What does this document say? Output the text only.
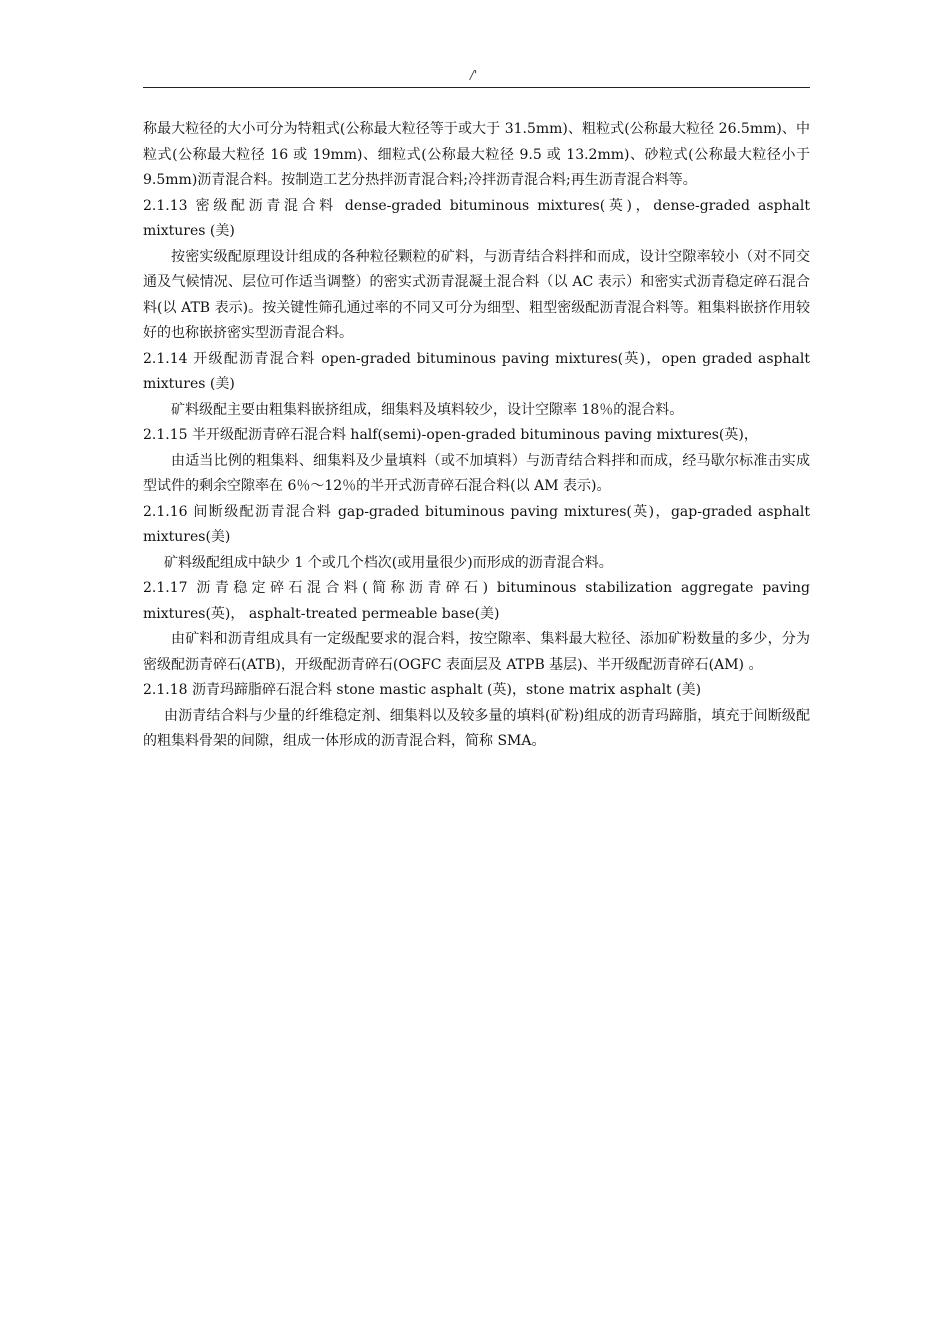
/'

称最大粒径的大小可分为特粗式(公称最大粒径等于或大于 31.5mm)、粗粒式(公称最大粒径 26.5mm)、中粒式(公称最大粒径 16 或 19mm)、细粒式(公称最大粒径 9.5 或 13.2mm)、砂粒式(公称最大粒径小于 9.5mm)沥青混合料。按制造工艺分热拌沥青混合料;冷拌沥青混合料;再生沥青混合料等。

2.1.13 密级配沥青混合料 dense-graded bituminous mixtures(英)，dense-graded asphalt mixtures (美)

按密实级配原理设计组成的各种粒径颗粒的矿料，与沥青结合料拌和而成，设计空隙率较小（对不同交通及气候情况、层位可作适当调整）的密实式沥青混凝土混合料（以 AC 表示）和密实式沥青稳定碎石混合料(以 ATB 表示)。按关键性筛孔通过率的不同又可分为细型、粗型密级配沥青混合料等。粗集料嵌挤作用较好的也称嵌挤密实型沥青混合料。

2.1.14 开级配沥青混合料 open-graded bituminous paving mixtures(英)，open graded asphalt mixtures (美)

矿料级配主要由粗集料嵌挤组成，细集料及填料较少，设计空隙率 18％的混合料。

2.1.15 半开级配沥青碎石混合料 half(semi)-open-graded bituminous paving mixtures(英)，

由适当比例的粗集料、细集料及少量填料（或不加填料）与沥青结合料拌和而成，经马歇尔标准击实成型试件的剩余空隙率在 6％～12％的半开式沥青碎石混合料(以 AM 表示)。

2.1.16 间断级配沥青混合料 gap-graded bituminous paving mixtures(英)，gap-graded asphalt mixtures(美)

矿料级配组成中缺少 1 个或几个档次(或用量很少)而形成的沥青混合料。

2.1.17 沥青稳定碎石混合料(简称沥青碎石) bituminous stabilization aggregate paving mixtures(英)， asphalt-treated permeable base(美)

由矿料和沥青组成具有一定级配要求的混合料，按空隙率、集料最大粒径、添加矿粉数量的多少，分为密级配沥青碎石(ATB)，开级配沥青碎石(OGFC 表面层及 ATPB 基层)、半开级配沥青碎石(AM) 。

2.1.18 沥青玛蹄脂碎石混合料 stone mastic asphalt (英)，stone matrix asphalt (美)

由沥青结合料与少量的纤维稳定剂、细集料以及较多量的填料(矿粉)组成的沥青玛蹄脂，填充于间断级配的粗集料骨架的间隙，组成一体形成的沥青混合料，简称 SMA。
